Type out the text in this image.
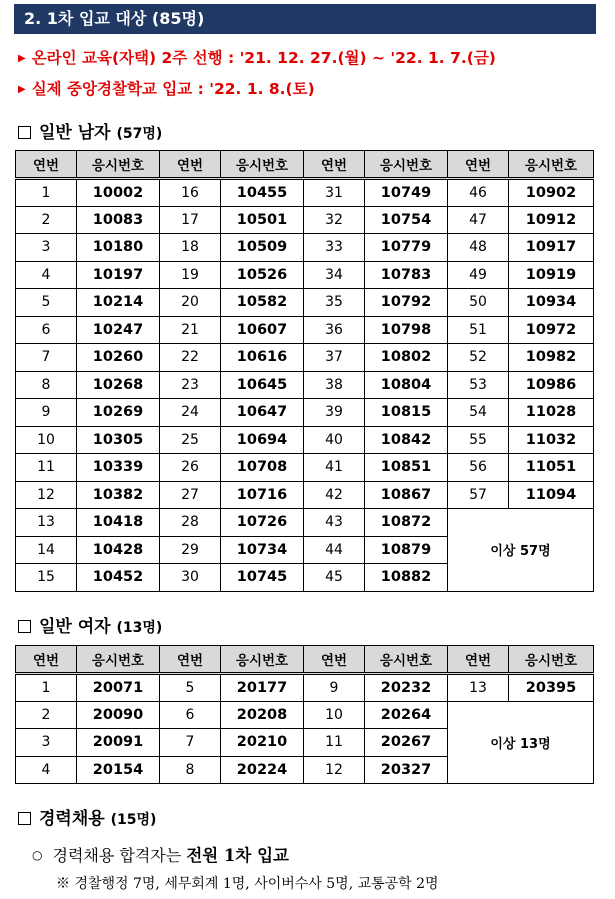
2. 1차 입교 대상 (85명)
▶ 온라인 교육(자택) 2주 선행 : '21. 12. 27.(월) ~ '22. 1. 7.(금)
▶ 실제 중앙경찰학교 입교 : '22. 1. 8.(토)
일반 남자 (57명)
연번	응시번호	연번	응시번호	연번	응시번호	연번	응시번호
1	10002	16	10455	31	10749	46	10902
2	10083	17	10501	32	10754	47	10912
3	10180	18	10509	33	10779	48	10917
4	10197	19	10526	34	10783	49	10919
5	10214	20	10582	35	10792	50	10934
6	10247	21	10607	36	10798	51	10972
7	10260	22	10616	37	10802	52	10982
8	10268	23	10645	38	10804	53	10986
9	10269	24	10647	39	10815	54	11028
10	10305	25	10694	40	10842	55	11032
11	10339	26	10708	41	10851	56	11051
12	10382	27	10716	42	10867	57	11094
13	10418	28	10726	43	10872	이상 57명	
14	10428	29	10734	44	10879		
15	10452	30	10745	45	10882		
일반 여자 (13명)
연번	응시번호	연번	응시번호	연번	응시번호	연번	응시번호
1	20071	5	20177	9	20232	13	20395
2	20090	6	20208	10	20264	이상 13명	
3	20091	7	20210	11	20267		
4	20154	8	20224	12	20327		
경력채용 (15명)
○ 경력채용 합격자는 전원 1차 입교
※ 경찰행정 7명, 세무회계 1명, 사이버수사 5명, 교통공학 2명
